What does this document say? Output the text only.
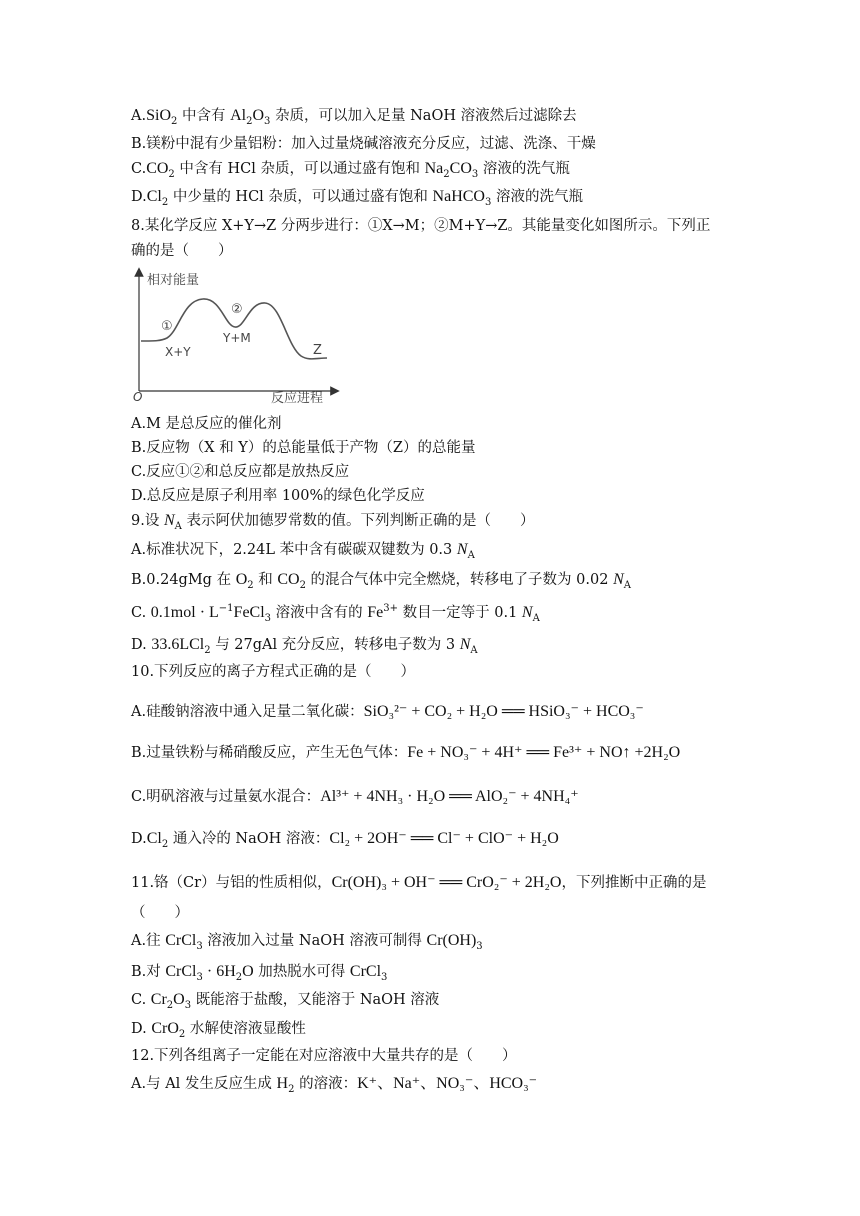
A.SiO$_2$ 中含有 $Al_2O_3$ 杂质，可以加入足量 NaOH 溶液然后过滤除去
B.镁粉中混有少量铝粉：加入过量烧碱溶液充分反应，过滤、洗涤、干燥
$C.CO_2$ 中含有 HCl 杂质，可以通过盛有饱和 $Na_2CO_3$ 溶液的洗气瓶
$D.Cl_2$ 中少量的 HCl 杂质，可以通过盛有饱和 NaHCO$_3$ 溶液的洗气瓶
8.某化学反应 X+Y→Z 分两步进行：①X→M；②M+Y→Z。其能量变化如图所示。下列正
确的是（　　）
相对能量
反应进程
O
①
②
X+Y
Y+M
Z
A.M 是总反应的催化剂
B.反应物（X 和 Y）的总能量低于产物（Z）的总能量
C.反应①②和总反应都是放热反应
D.总反应是原子利用率 100%的绿色化学反应
9.设 $N_A$ 表示阿伏加德罗常数的值。下列判断正确的是（　　）
A.标准状况下，2.24L 苯中含有碳碳双键数为 0.3 $N_A$
B.0.24gMg 在 $O_2$ 和 $CO_2$ 的混合气体中完全燃烧，转移电了子数为 0.02 $N_A$
C. $0.1mol \cdot L^{-1}FeCl_3$ 溶液中含有的 $Fe^{3+}$ 数目一定等于 0.1 $N_A$
D. 33.6LCl$_2$ 与 27gAl 充分反应，转移电子数为 3 $N_A$
10.下列反应的离子方程式正确的是（　　）
A.硅酸钠溶液中通入足量二氧化碳：SiO₃²⁻ + CO₂ + H₂O ══ HSiO₃⁻ + HCO₃⁻
B.过量铁粉与稀硝酸反应，产生无色气体：Fe + NO₃⁻ + 4H⁺ ══ Fe³⁺ + NO↑ +2H₂O
C.明矾溶液与过量氨水混合：Al³⁺ + 4NH₃ · H₂O ══ AlO₂⁻ + 4NH₄⁺
$D.Cl_2$ 通入冷的 NaOH 溶液：Cl₂ + 2OH⁻ ══ Cl⁻ + ClO⁻ + H₂O
11.铬（Cr）与铝的性质相似，Cr(OH)₃ + OH⁻ ══ CrO₂⁻ + 2H₂O，下列推断中正确的是
（　　）
A.往 CrCl$_3$ 溶液加入过量 NaOH 溶液可制得 $Cr(OH)_3$
B.对 CrCl$_3$ · $6H_2O$ 加热脱水可得 CrCl$_3$
C. $Cr_2O_3$ 既能溶于盐酸，又能溶于 NaOH 溶液
D. CrO$_2$ 水解使溶液显酸性
12.下列各组离子一定能在对应溶液中大量共存的是（　　）
A.与 Al 发生反应生成 $H_2$ 的溶液：K⁺、Na⁺、NO₃⁻、HCO₃⁻
